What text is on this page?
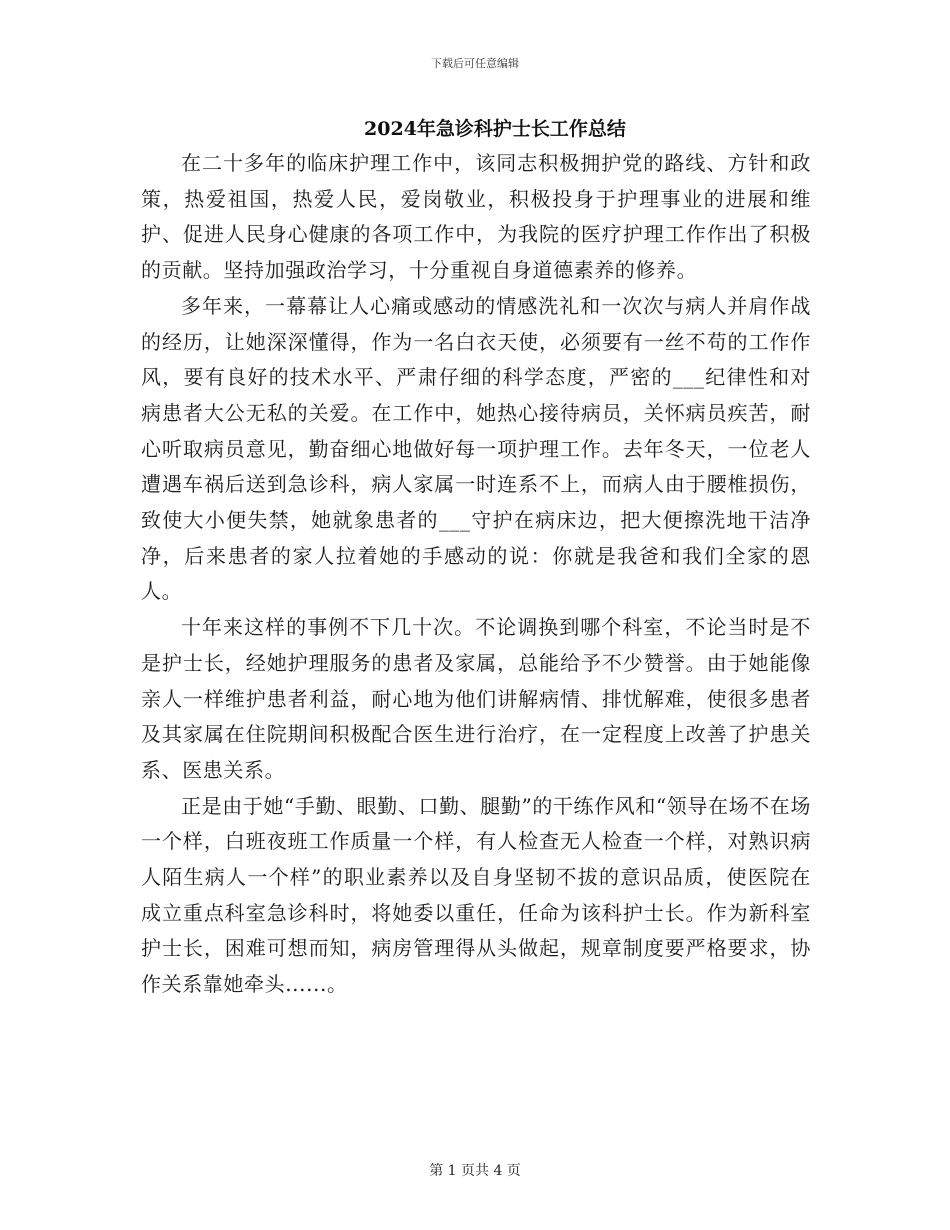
下载后可任意编辑
2024年急诊科护士长工作总结

在二十多年的临床护理工作中，该同志积极拥护党的路线、方针和政策，热爱祖国，热爱人民，爱岗敬业，积极投身于护理事业的进展和维护、促进人民身心健康的各项工作中，为我院的医疗护理工作作出了积极的贡献。坚持加强政治学习，十分重视自身道德素养的修养。

多年来，一幕幕让人心痛或感动的情感洗礼和一次次与病人并肩作战的经历，让她深深懂得，作为一名白衣天使，必须要有一丝不苟的工作作风，要有良好的技术水平、严肃仔细的科学态度，严密的___纪律性和对病患者大公无私的关爱。在工作中，她热心接待病员，关怀病员疾苦，耐心听取病员意见，勤奋细心地做好每一项护理工作。去年冬天，一位老人遭遇车祸后送到急诊科，病人家属一时连系不上，而病人由于腰椎损伤，致使大小便失禁，她就象患者的___守护在病床边，把大便擦洗地干洁净净，后来患者的家人拉着她的手感动的说：你就是我爸和我们全家的恩人。

十年来这样的事例不下几十次。不论调换到哪个科室，不论当时是不是护士长，经她护理服务的患者及家属，总能给予不少赞誉。由于她能像亲人一样维护患者利益，耐心地为他们讲解病情、排忧解难，使很多患者及其家属在住院期间积极配合医生进行治疗，在一定程度上改善了护患关系、医患关系。

正是由于她“手勤、眼勤、口勤、腿勤”的干练作风和“领导在场不在场一个样，白班夜班工作质量一个样，有人检查无人检查一个样，对熟识病人陌生病人一个样”的职业素养以及自身坚韧不拔的意识品质，使医院在成立重点科室急诊科时，将她委以重任，任命为该科护士长。作为新科室护士长，困难可想而知，病房管理得从头做起，规章制度要严格要求，协作关系靠她牵头......。

第 1 页共 4 页
